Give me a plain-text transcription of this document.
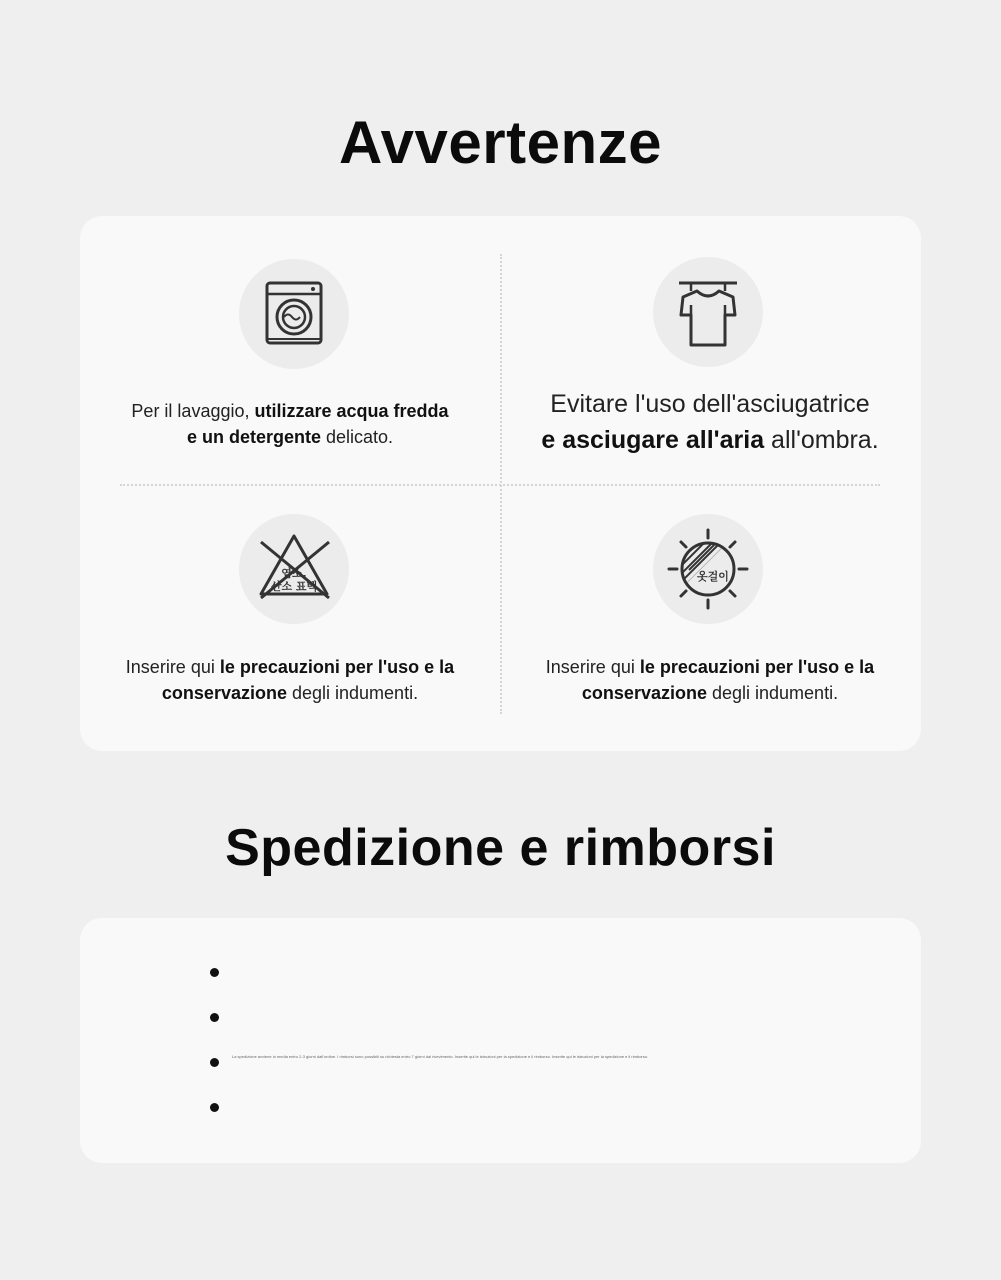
Avvertenze
Per il lavaggio, utilizzare acqua fredda
e un detergente delicato.
Evitare l'uso dell'asciugatrice
e asciugare all'aria all'ombra.
염소,
산소 표백
Inserire qui le precauzioni per l'uso e la
conservazione degli indumenti.
옷걸이
Inserire qui le precauzioni per l'uso e la
conservazione degli indumenti.
Spedizione e rimborsi
La spedizione avviene in media entro 2-3 giorni dall'ordine. I rimborsi sono possibili su richiesta entro 7 giorni dal ricevimento. Inserite qui le istruzioni per la spedizione e il rimborso. Inserite qui le istruzioni per la spedizione e il rimborso.
